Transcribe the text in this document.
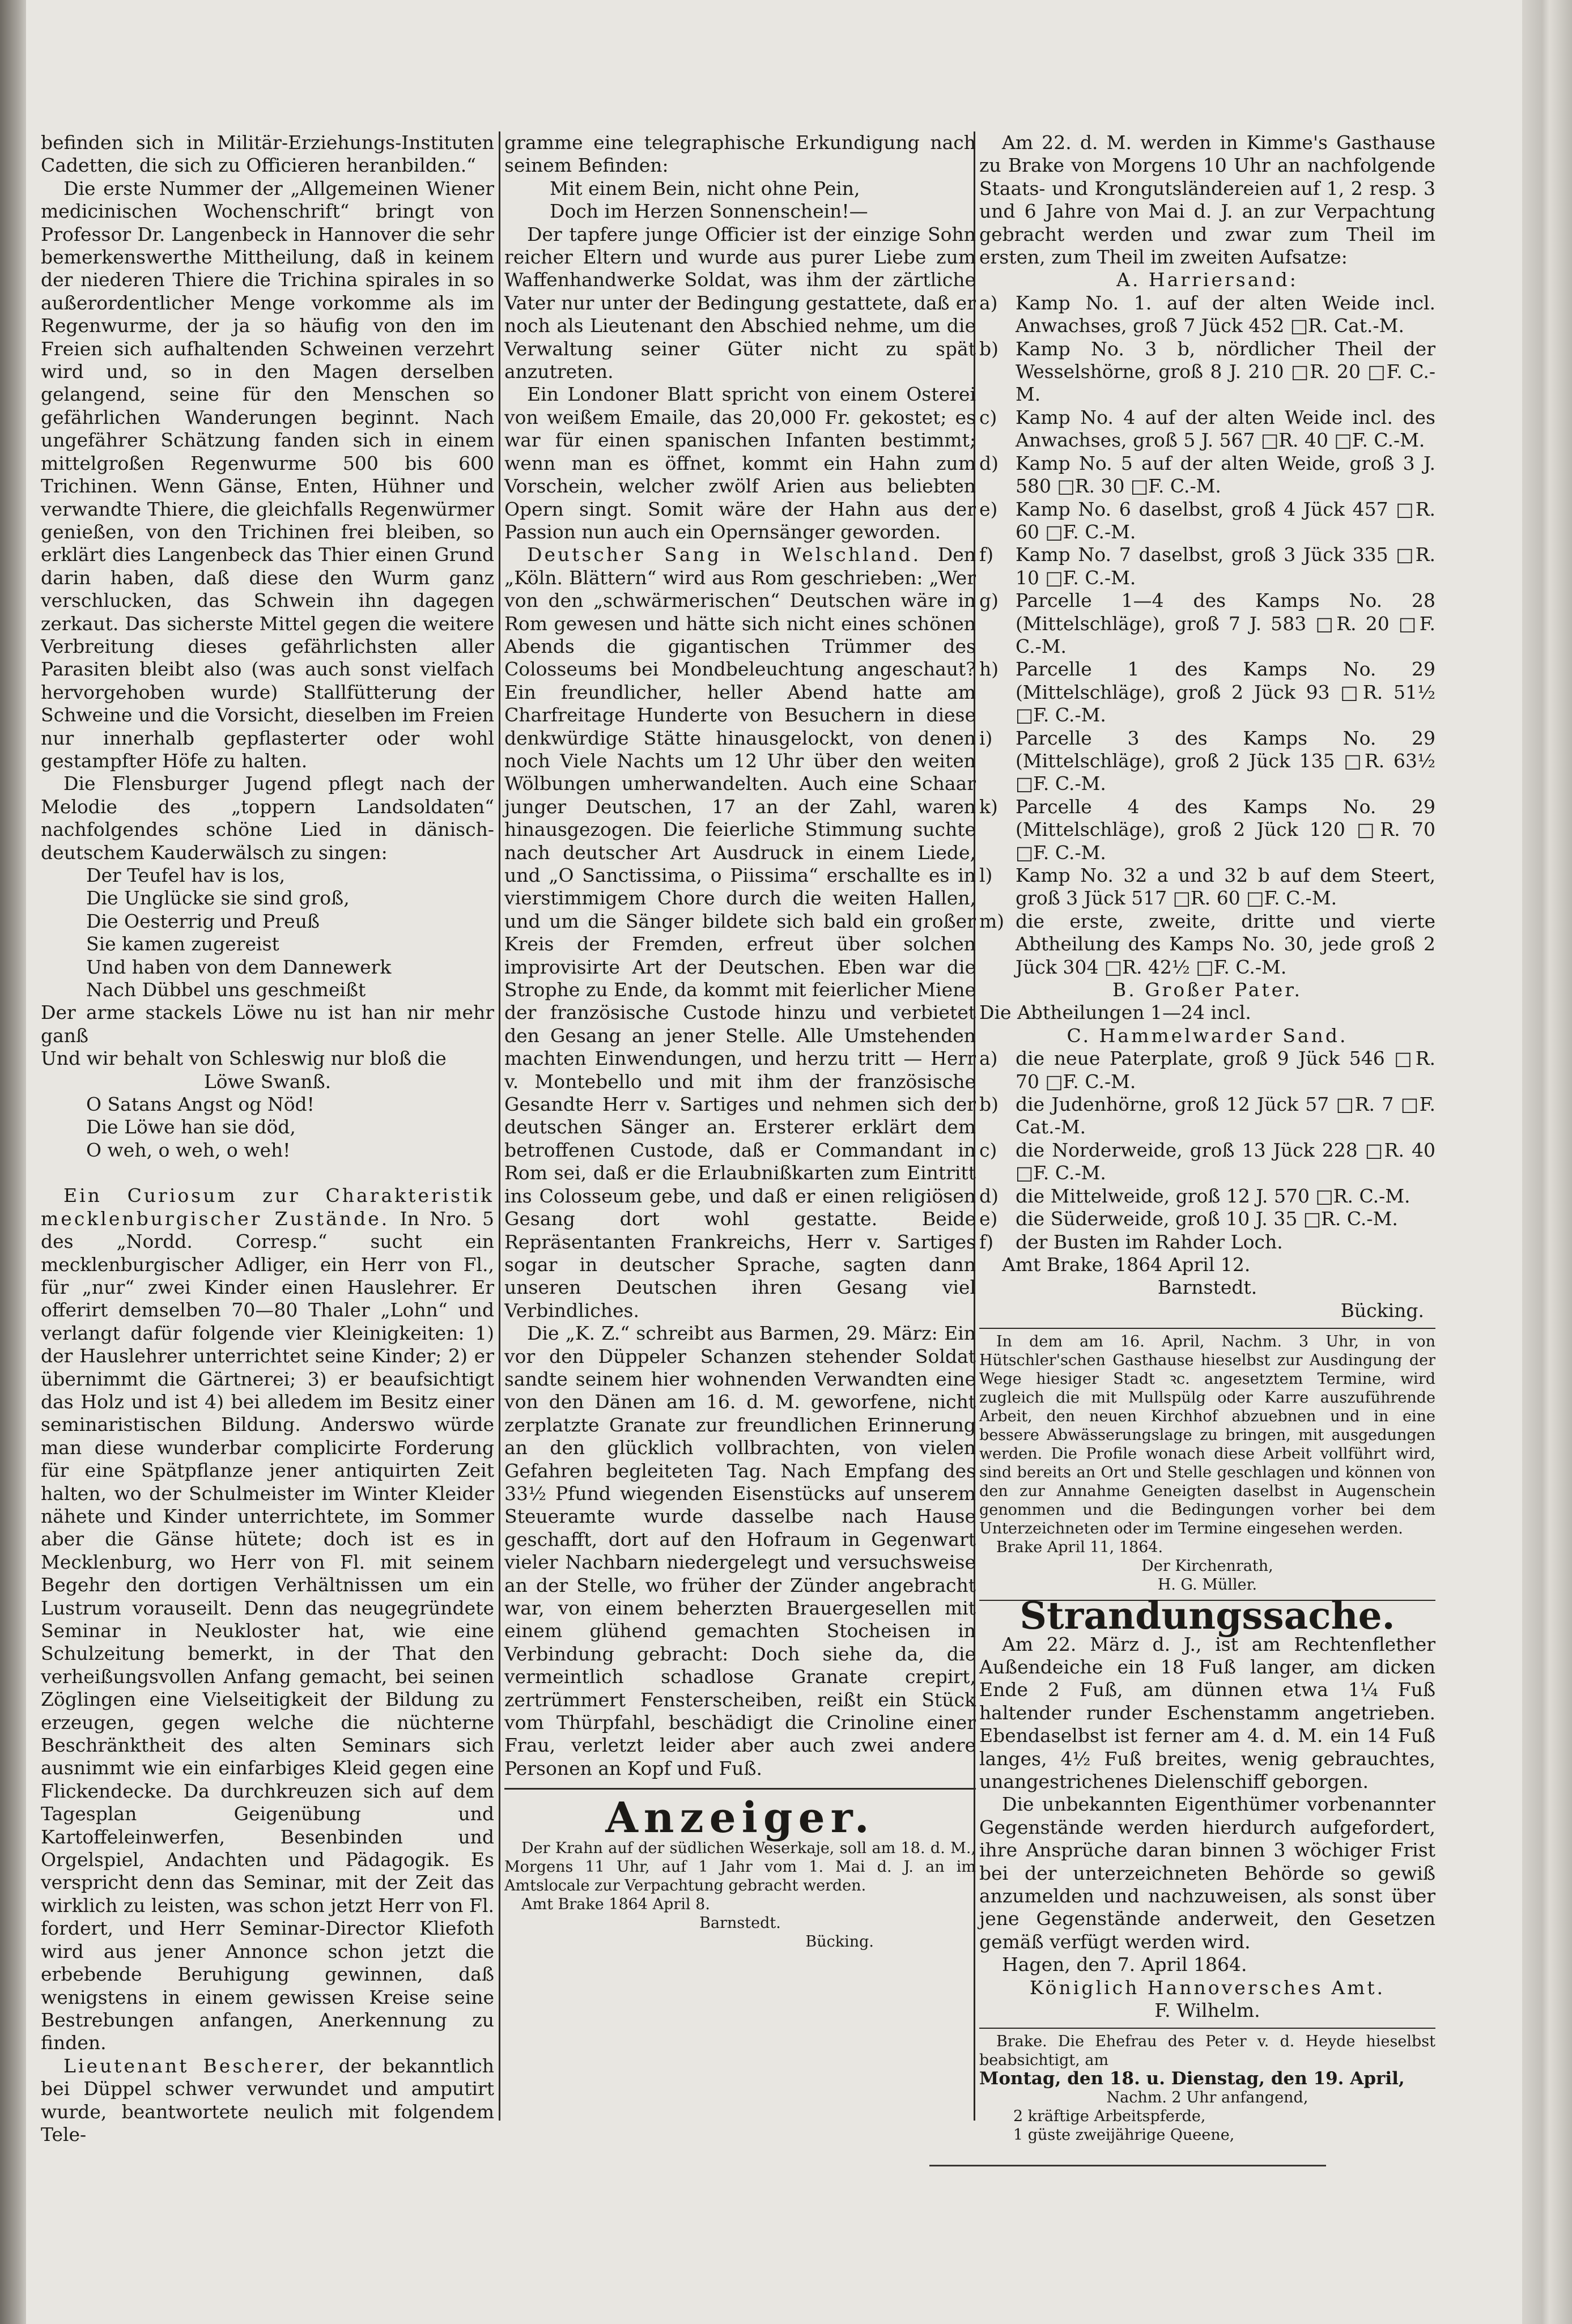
befinden sich in Militär-Erziehungs-Instituten Cadetten, die sich zu Officieren heranbilden.“

Die erste Nummer der „Allgemeinen Wiener medicinischen Wochenschrift“ bringt von Professor Dr. Langenbeck in Hannover die sehr bemerkenswerthe Mittheilung, daß in keinem der niederen Thiere die Trichina spirales in so außerordentlicher Menge vorkomme als im Regenwurme, der ja so häufig von den im Freien sich aufhaltenden Schweinen verzehrt wird und, so in den Magen derselben gelangend, seine für den Menschen so gefährlichen Wanderungen beginnt. Nach ungefährer Schätzung fanden sich in einem mittelgroßen Regenwurme 500 bis 600 Trichinen. Wenn Gänse, Enten, Hühner und verwandte Thiere, die gleichfalls Regenwürmer genießen, von den Trichinen frei bleiben, so erklärt dies Langenbeck das Thier einen Grund darin haben, daß diese den Wurm ganz verschlucken, das Schwein ihn dagegen zerkaut. Das sicherste Mittel gegen die weitere Verbreitung dieses gefährlichsten aller Parasiten bleibt also (was auch sonst vielfach hervorgehoben wurde) Stallfütterung der Schweine und die Vorsicht, dieselben im Freien nur innerhalb gepflasterter oder wohl gestampfter Höfe zu halten.

Die Flensburger Jugend pflegt nach der Melodie des „toppern Landsoldaten“ nachfolgendes schöne Lied in dänisch-deutschem Kauderwälsch zu singen:

Der Teufel hav is los,
Die Unglücke sie sind groß,
Die Oesterrig und Preuß
Sie kamen zugereist
Und haben von dem Dannewerk
Nach Dübbel uns geschmeißt
Der arme stackels Löwe nu ist han nir mehr ganß
Und wir behalt von Schleswig nur bloß die
Löwe Swanß.
O Satans Angst og Nöd!
Die Löwe han sie död,
O weh, o weh, o weh!

Ein Curiosum zur Charakteristik mecklenburgischer Zustände. In Nro. 5 des „Nordd. Corresp.“ sucht ein mecklenburgischer Adliger, ein Herr von Fl., für „nur“ zwei Kinder einen Hauslehrer. Er offerirt demselben 70—80 Thaler „Lohn“ und verlangt dafür folgende vier Kleinigkeiten: 1) der Hauslehrer unterrichtet seine Kinder; 2) er übernimmt die Gärtnerei; 3) er beaufsichtigt das Holz und ist 4) bei alledem im Besitz einer seminaristischen Bildung. Anderswo würde man diese wunderbar complicirte Forderung für eine Spätpflanze jener antiquirten Zeit halten, wo der Schulmeister im Winter Kleider nähete und Kinder unterrichtete, im Sommer aber die Gänse hütete; doch ist es in Mecklenburg, wo Herr von Fl. mit seinem Begehr den dortigen Verhältnissen um ein Lustrum vorauseilt. Denn das neugegründete Seminar in Neukloster hat, wie eine Schulzeitung bemerkt, in der That den verheißungsvollen Anfang gemacht, bei seinen Zöglingen eine Vielseitigkeit der Bildung zu erzeugen, gegen welche die nüchterne Beschränktheit des alten Seminars sich ausnimmt wie ein einfarbiges Kleid gegen eine Flickendecke. Da durchkreuzen sich auf dem Tagesplan Geigenübung und Kartoffeleinwerfen, Besenbinden und Orgelspiel, Andachten und Pädagogik. Es verspricht denn das Seminar, mit der Zeit das wirklich zu leisten, was schon jetzt Herr von Fl. fordert, und Herr Seminar-Director Kliefoth wird aus jener Annonce schon jetzt die erbebende Beruhigung gewinnen, daß wenigstens in einem gewissen Kreise seine Bestrebungen anfangen, Anerkennung zu finden.

Lieutenant Bescherer, der bekanntlich bei Düppel schwer verwundet und amputirt wurde, beantwortete neulich mit folgendem Tele-

gramme eine telegraphische Erkundigung nach seinem Befinden:

Mit einem Bein, nicht ohne Pein,
Doch im Herzen Sonnenschein!—

Der tapfere junge Officier ist der einzige Sohn reicher Eltern und wurde aus purer Liebe zum Waffenhandwerke Soldat, was ihm der zärtliche Vater nur unter der Bedingung gestattete, daß er noch als Lieutenant den Abschied nehme, um die Verwaltung seiner Güter nicht zu spät anzutreten.

Ein Londoner Blatt spricht von einem Osterei von weißem Emaile, das 20,000 Fr. gekostet; es war für einen spanischen Infanten bestimmt; wenn man es öffnet, kommt ein Hahn zum Vorschein, welcher zwölf Arien aus beliebten Opern singt. Somit wäre der Hahn aus der Passion nun auch ein Opernsänger geworden.

Deutscher Sang in Welschland. Den „Köln. Blättern“ wird aus Rom geschrieben: „Wer von den „schwärmerischen“ Deutschen wäre in Rom gewesen und hätte sich nicht eines schönen Abends die gigantischen Trümmer des Colosseums bei Mondbeleuchtung angeschaut? Ein freundlicher, heller Abend hatte am Charfreitage Hunderte von Besuchern in diese denkwürdige Stätte hinausgelockt, von denen noch Viele Nachts um 12 Uhr über den weiten Wölbungen umherwandelten. Auch eine Schaar junger Deutschen, 17 an der Zahl, waren hinausgezogen. Die feierliche Stimmung suchte nach deutscher Art Ausdruck in einem Liede, und „O Sanctissima, o Piissima“ erschallte es in vierstimmigem Chore durch die weiten Hallen, und um die Sänger bildete sich bald ein großer Kreis der Fremden, erfreut über solchen improvisirte Art der Deutschen. Eben war die Strophe zu Ende, da kommt mit feierlicher Miene der französische Custode hinzu und verbietet den Gesang an jener Stelle. Alle Umstehenden machten Einwendungen, und herzu tritt — Herr v. Montebello und mit ihm der französische Gesandte Herr v. Sartiges und nehmen sich der deutschen Sänger an. Ersterer erklärt dem betroffenen Custode, daß er Commandant in Rom sei, daß er die Erlaubnißkarten zum Eintritt ins Colosseum gebe, und daß er einen religiösen Gesang dort wohl gestatte. Beide Repräsentanten Frankreichs, Herr v. Sartiges sogar in deutscher Sprache, sagten dann unseren Deutschen ihren Gesang viel Verbindliches.

Die „K. Z.“ schreibt aus Barmen, 29. März: Ein vor den Düppeler Schanzen stehender Soldat sandte seinem hier wohnenden Verwandten eine von den Dänen am 16. d. M. geworfene, nicht zerplatzte Granate zur freundlichen Erinnerung an den glücklich vollbrachten, von vielen Gefahren begleiteten Tag. Nach Empfang des 33½ Pfund wiegenden Eisenstücks auf unserem Steueramte wurde dasselbe nach Hause geschafft, dort auf den Hofraum in Gegenwart vieler Nachbarn niedergelegt und versuchsweise an der Stelle, wo früher der Zünder angebracht war, von einem beherzten Brauergesellen mit einem glühend gemachten Stocheisen in Verbindung gebracht: Doch siehe da, die vermeintlich schadlose Granate crepirt, zertrümmert Fensterscheiben, reißt ein Stück vom Thürpfahl, beschädigt die Crinoline einer Frau, verletzt leider aber auch zwei andere Personen an Kopf und Fuß.

Anzeiger.

Der Krahn auf der südlichen Weserkaje, soll am 18. d. M., Morgens 11 Uhr, auf 1 Jahr vom 1. Mai d. J. an im Amtslocale zur Verpachtung gebracht werden.

Amt Brake 1864 April 8.

Barnstedt.
Bücking.

Am 22. d. M. werden in Kimme's Gasthause zu Brake von Morgens 10 Uhr an nachfolgende Staats- und Krongutsländereien auf 1, 2 resp. 3 und 6 Jahre von Mai d. J. an zur Verpachtung gebracht werden und zwar zum Theil im ersten, zum Theil im zweiten Aufsatze:

A. Harriersand:
a) Kamp No. 1. auf der alten Weide incl. Anwachses, groß 7 Jück 452 □R. Cat.-M.
b) Kamp No. 3 b, nördlicher Theil der Wesselshörne, groß 8 J. 210 □R. 20 □F. C.-M.
c) Kamp No. 4 auf der alten Weide incl. des Anwachses, groß 5 J. 567 □R. 40 □F. C.-M.
d) Kamp No. 5 auf der alten Weide, groß 3 J. 580 □R. 30 □F. C.-M.
e) Kamp No. 6 daselbst, groß 4 Jück 457 □R. 60 □F. C.-M.
f)	Kamp No. 7 daselbst, groß 3 Jück 335 □R. 10 □F. C.-M.
g) Parcelle 1—4 des Kamps No. 28 (Mittelschläge), groß 7 J. 583 □R. 20 □F. C.-M.
h) Parcelle 1 des Kamps No. 29 (Mittelschläge), groß 2 Jück 93 □R. 51½ □F. C.-M.
i)	Parcelle 3 des Kamps No. 29 (Mittelschläge), groß 2 Jück 135 □R. 63½ □F. C.-M.
k) Parcelle 4 des Kamps No. 29 (Mittelschläge), groß 2 Jück 120 □R. 70 □F. C.-M.
l)	Kamp No. 32 a und 32 b auf dem Steert, groß 3 Jück 517 □R. 60 □F. C.-M.
m) die erste, zweite, dritte und vierte Abtheilung des Kamps No. 30, jede groß 2 Jück 304 □R. 42½ □F. C.-M.
B. Großer Pater.
Die Abtheilungen 1—24 incl.
C. Hammelwarder Sand.
a) die neue Paterplate, groß 9 Jück 546 □R. 70 □F. C.-M.
b) die Judenhörne, groß 12 Jück 57 □R. 7 □F. Cat.-M.
c) die Norderweide, groß 13 Jück 228 □R. 40 □F. C.-M.
d) die Mittelweide, groß 12 J. 570 □R. C.-M.
e) die Süderweide, groß 10 J. 35 □R. C.-M.
f)	der Busten im Rahder Loch.

Amt Brake, 1864 April 12.

Barnstedt.
Bücking.

In dem am 16. April, Nachm. 3 Uhr, in von Hütschler'schen Gasthause hieselbst zur Ausdingung der Wege hiesiger Stadt ꝛc. angesetztem Termine, wird zugleich die mit Mullspülg oder Karre auszuführende Arbeit, den neuen Kirchhof abzuebnen und in eine bessere Abwässerungslage zu bringen, mit ausgedungen werden. Die Profile wonach diese Arbeit vollführt wird, sind bereits an Ort und Stelle geschlagen und können von den zur Annahme Geneigten daselbst in Augenschein genommen und die Bedingungen vorher bei dem Unterzeichneten oder im Termine eingesehen werden.

Brake April 11, 1864.

Der Kirchenrath,
H. G. Müller.
Strandungssache.

Am 22. März d. J., ist am Rechtenflether Außendeiche ein 18 Fuß langer, am dicken Ende 2 Fuß, am dünnen etwa 1¼ Fuß haltender runder Eschenstamm angetrieben. Ebendaselbst ist ferner am 4. d. M. ein 14 Fuß langes, 4½ Fuß breites, wenig gebrauchtes, unangestrichenes Dielenschiff geborgen.

Die unbekannten Eigenthümer vorbenannter Gegenstände werden hierdurch aufgefordert, ihre Ansprüche daran binnen 3 wöchiger Frist bei der unterzeichneten Behörde so gewiß anzumelden und nachzuweisen, als sonst über jene Gegenstände anderweit, den Gesetzen gemäß verfügt werden wird.

Hagen, den 7. April 1864.

Königlich Hannoversches Amt.
F. Wilhelm.

Brake. Die Ehefrau des Peter v. d. Heyde hieselbst beabsichtigt, am

Montag, den 18. u. Dienstag, den 19. April,
Nachm. 2 Uhr anfangend,
2 kräftige Arbeitspferde,
1 güste zweijährige Queene,
